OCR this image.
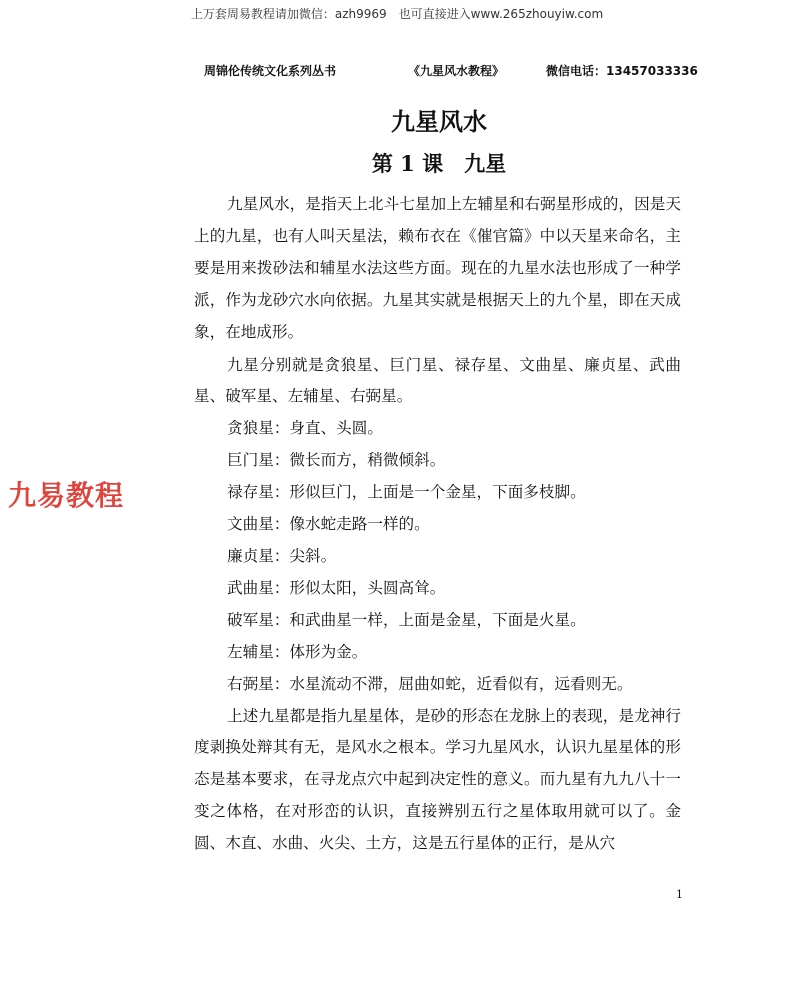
上万套周易教程请加微信：azh9969　也可直接进入www.265zhouyiw.com
周锦伦传统文化系列丛书	《九星风水教程》	微信电话：13457033336
九星风水
第 1 课　九星

九星风水，是指天上北斗七星加上左辅星和右弼星形成的，因是天上的九星，也有人叫天星法，赖布衣在《催官篇》中以天星来命名，主要是用来拨砂法和辅星水法这些方面。现在的九星水法也形成了一种学派，作为龙砂穴水向依据。九星其实就是根据天上的九个星，即在天成象，在地成形。

九星分别就是贪狼星、巨门星、禄存星、文曲星、廉贞星、武曲星、破军星、左辅星、右弼星。

贪狼星：身直、头圆。

巨门星：微长而方，稍微倾斜。

禄存星：形似巨门，上面是一个金星，下面多枝脚。

文曲星：像水蛇走路一样的。

廉贞星：尖斜。

武曲星：形似太阳，头圆高耸。

破军星：和武曲星一样，上面是金星，下面是火星。

左辅星：体形为金。

右弼星：水星流动不滞，屈曲如蛇，近看似有，远看则无。

上述九星都是指九星星体，是砂的形态在龙脉上的表现，是龙神行度剥换处辩其有无，是风水之根本。学习九星风水，认识九星星体的形态是基本要求，在寻龙点穴中起到决定性的意义。而九星有九九八十一变之体格，在对形峦的认识，直接辨别五行之星体取用就可以了。金圆、木直、水曲、火尖、土方，这是五行星体的正行，是从穴

九易教程
1
